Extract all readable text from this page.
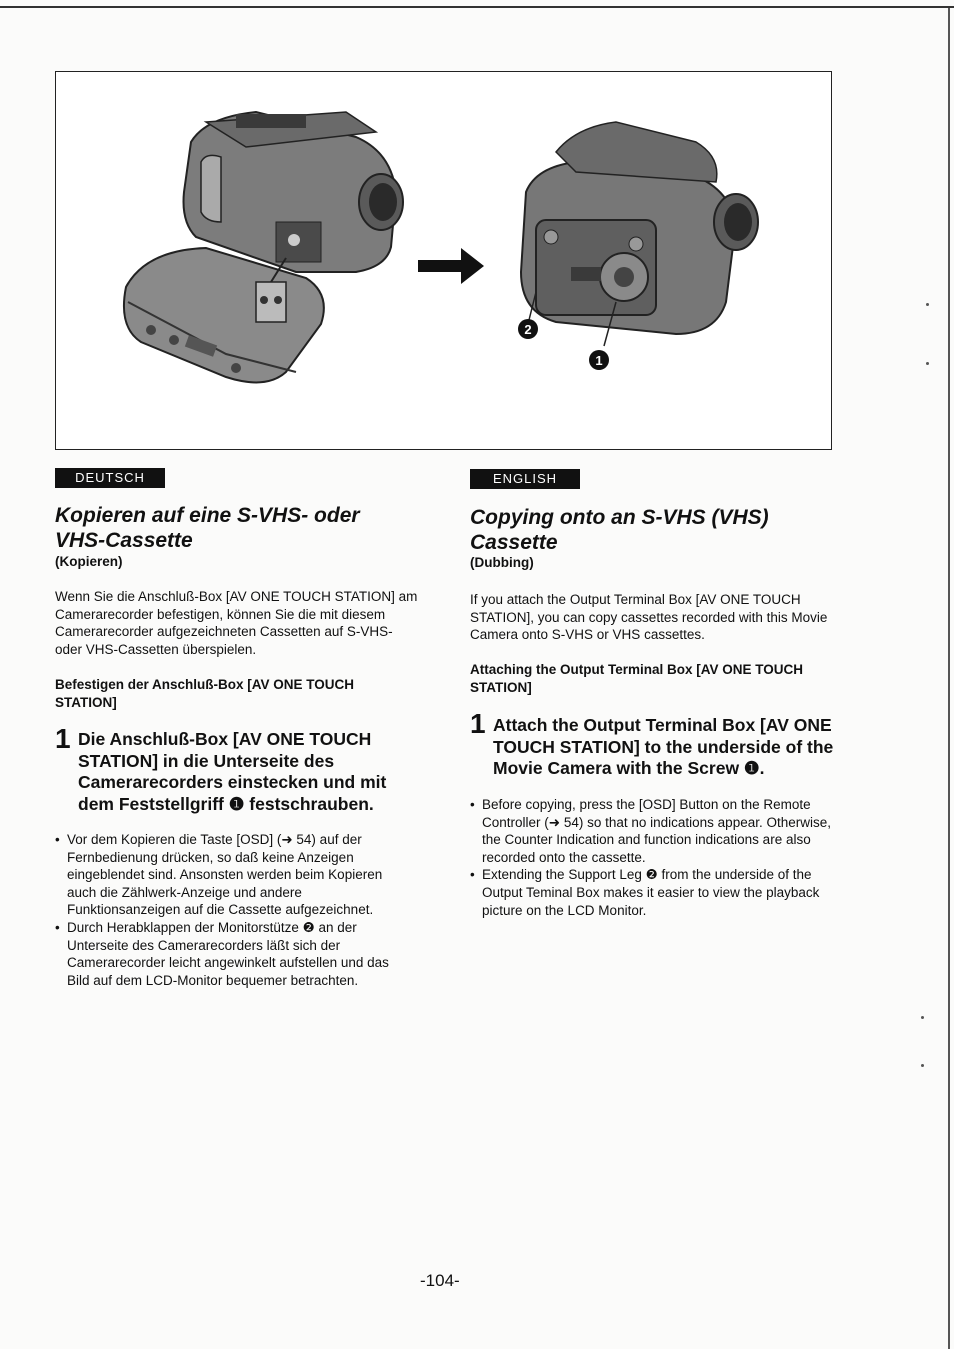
2
1
DEUTSCH
Kopieren auf eine S-VHS- oder VHS-Cassette
(Kopieren)
Wenn Sie die Anschluß-Box [AV ONE TOUCH STATION] am Camerarecorder befestigen, können Sie die mit diesem Camerarecorder aufgezeichneten Cassetten auf S-VHS- oder VHS-Cassetten überspielen.
Befestigen der Anschluß-Box [AV ONE TOUCH STATION]
1 Die Anschluß-Box [AV ONE TOUCH STATION] in die Unterseite des Camerarecorders einstecken und mit dem Feststellgriff ❶ festschrauben.
• Vor dem Kopieren die Taste [OSD] (➜ 54) auf der Fernbedienung drücken, so daß keine Anzeigen eingeblendet sind. Ansonsten werden beim Kopieren auch die Zählwerk-Anzeige und andere Funktionsanzeigen auf die Cassette aufgezeichnet.
• Durch Herabklappen der Monitorstütze ❷ an der Unterseite des Camerarecorders läßt sich der Camerarecorder leicht angewinkelt aufstellen und das Bild auf dem LCD-Monitor bequemer betrachten.
ENGLISH
Copying onto an S-VHS (VHS) Cassette
(Dubbing)
If you attach the Output Terminal Box [AV ONE TOUCH STATION], you can copy cassettes recorded with this Movie Camera onto S-VHS or VHS cassettes.
Attaching the Output Terminal Box [AV ONE TOUCH STATION]
1 Attach the Output Terminal Box [AV ONE TOUCH STATION] to the underside of the Movie Camera with the Screw ❶.
• Before copying, press the [OSD] Button on the Remote Controller (➜ 54) so that no indications appear. Otherwise, the Counter Indication and function indications are also recorded onto the cassette.
• Extending the Support Leg ❷ from the underside of the Output Teminal Box makes it easier to view the playback picture on the LCD Monitor.
-104-
